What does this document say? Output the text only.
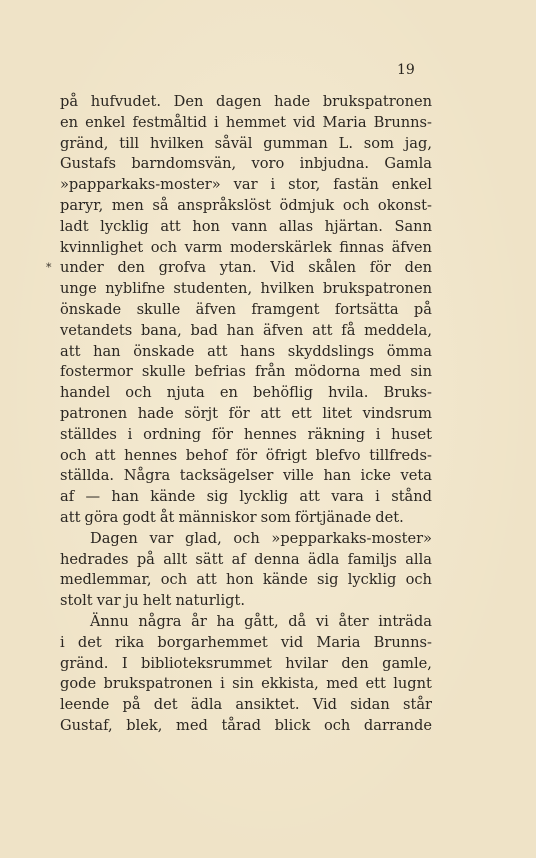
19
*
på hufvudet. Den dagen hade brukspatronen
en enkel festmåltid i hemmet vid Maria Brunns-
gränd, till hvilken såväl gumman L. som jag,
Gustafs barndomsvän, voro inbjudna. Gamla
»papparkaks-moster» var i stor, fastän enkel
paryr, men så anspråkslöst ödmjuk och okonst-
ladt lycklig att hon vann allas hjärtan. Sann
kvinnlighet och varm moderskärlek finnas äfven
under den grofva ytan. Vid skålen för den
unge nyblifne studenten, hvilken brukspatronen
önskade skulle äfven framgent fortsätta på
vetandets bana, bad han äfven att få meddela,
att han önskade att hans skyddslings ömma
fostermor skulle befrias från mödorna med sin
handel och njuta en behöflig hvila. Bruks-
patronen hade sörjt för att ett litet vindsrum
ställdes i ordning för hennes räkning i huset
och att hennes behof för öfrigt blefvo tillfreds-
ställda. Några tacksägelser ville han icke veta
af — han kände sig lycklig att vara i stånd
att göra godt åt människor som förtjänade det.
Dagen var glad, och »pepparkaks-moster»
hedrades på allt sätt af denna ädla familjs alla
medlemmar, och att hon kände sig lycklig och
stolt var ju helt naturligt.
Ännu några år ha gått, då vi åter inträda
i det rika borgarhemmet vid Maria Brunns-
gränd. I biblioteksrummet hvilar den gamle,
gode brukspatronen i sin ekkista, med ett lugnt
leende på det ädla ansiktet. Vid sidan står
Gustaf, blek, med tårad blick och darrande
